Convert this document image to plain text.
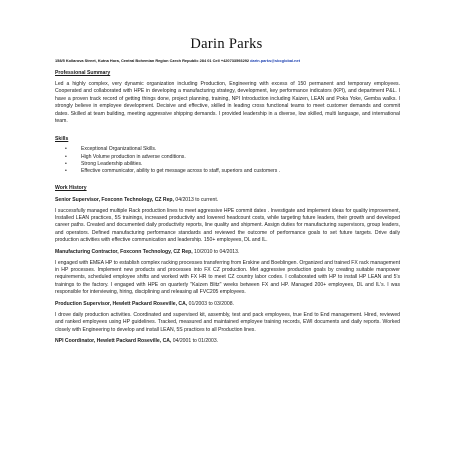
Darin Parks
158/5 Kollarova Street, Kutna Hora, Central Bohemian Region Czech Republic 284 01 Cell +420733593292 darin.parks@sbcglobal.net

Professional Summary

Led a highly complex, very dynamic organization including Production, Engineering with excess of 150 permanent and temporary employees. Cooperated and collaborated with HPE in developing a manufacturing strategy, development, key performance indicators (KPI), and department P&L. I have a proven track record of getting things done, project planning, training, NPI Introduction including Kaizen, LEAN and Poka Yoke, Gemba walks. I strongly believe in employee development. Decisive and effective, skilled in leading cross functional teams to meet customer demands and commit dates. Skilled at team building, meeting aggressive shipping demands. I provided leadership in a diverse, low skilled, multi language, and international team.

Skills

•	Exceptional Organizational Skills.
•	High Volume production in adverse conditions.
•	Strong Leadership abilities.
•	Effective communicator, ability to get message across to staff, superiors and customers .

Work History

Senior Supervisor, Foxconn Technology, CZ Rep, 04/2013 to current.

I successfully managed multiple Rack production lines to meet aggressive HPE commit dates . Investigate and implement ideas for quality improvement, Installed LEAN practices, 5S trainings, increased productivity and lowered headcount costs, while targeting future leaders, their growth and developed career paths. Created and documented daily productivity reports, line quality and shipment. Assign duties for manufacturing supervisors, group leaders, and operators. Defined manufacturing performance standards and reviewed the outcome of performance goals to set future targets. Drive daily production activities with effective communication and leadership. 150+ employees, DL and IL.

Manufacturing Contractor, Foxconn Technology, CZ Rep, 10/2010 to 04/2013.

I engaged with EMEA HP to establish complex racking processes transferring from Erskine and Boeblingen. Organized and trained FX rack management in HP processes. Implement new products and processes into FX CZ production. Met aggressive production goals by creating suitable manpower requirements, scheduled employee shifts and worked with FX HR to meet CZ country labor codes. I collaborated with HP to install HP LEAN and 5's trainings to the factory. I engaged with HPE on quarterly "Kaizen Blitz" weeks between FX and HP. Managed 200+ employees, DL and IL's. I was responsible for interviewing, hiring, disciplining and releasing all FVC205 employees.

Production Supervisor, Hewlett Packard Roseville, CA, 01/2003 to 03/2008.

I drove daily production activities. Coordinated and supervised kit, assembly, test and pack employees, true End to End management. Hired, reviewed and ranked employees using HP guidelines. Tracked, measured and maintained employee training records, EWI documents and daily reports. Worked closely with Engineering to develop and install LEAN, 5S practices to all Production lines.

NPI Coordinator, Hewlett Packard Roseville, CA, 04/2001 to 01/2003.
